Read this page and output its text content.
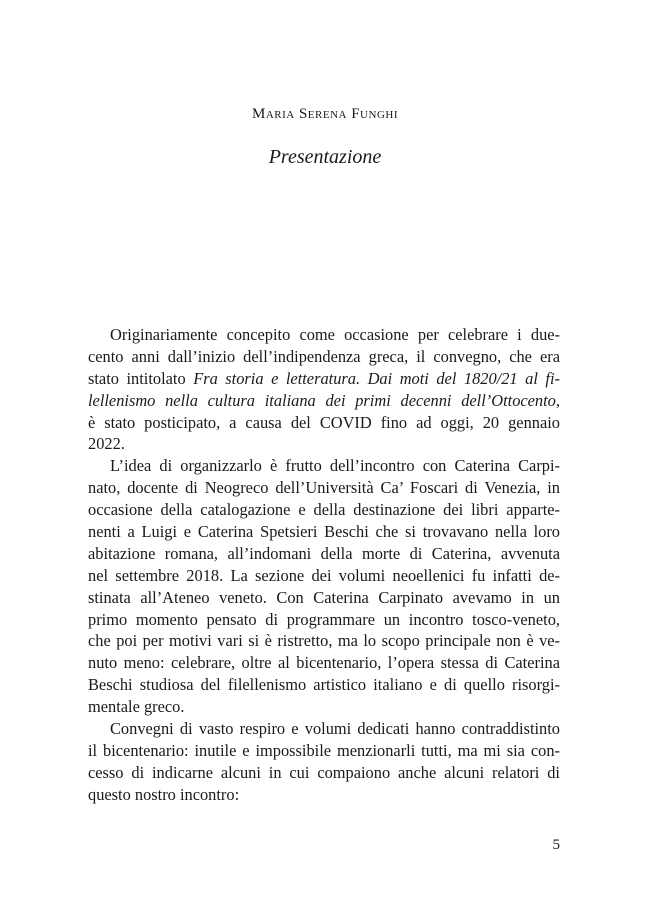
Maria Serena Funghi
Presentazione
Originariamente concepito come occasione per celebrare i due-
cento anni dall’inizio dell’indipendenza greca, il convegno, che era
stato intitolato Fra storia e letteratura. Dai moti del 1820/21 al fi-
lellenismo nella cultura italiana dei primi decenni dell’Ottocento,
è stato posticipato, a causa del COVID fino ad oggi, 20 gennaio
2022.
L’idea di organizzarlo è frutto dell’incontro con Caterina Carpi-
nato, docente di Neogreco dell’Università Ca’ Foscari di Venezia, in
occasione della catalogazione e della destinazione dei libri apparte-
nenti a Luigi e Caterina Spetsieri Beschi che si trovavano nella loro
abitazione romana, all’indomani della morte di Caterina, avvenuta
nel settembre 2018. La sezione dei volumi neoellenici fu infatti de-
stinata all’Ateneo veneto. Con Caterina Carpinato avevamo in un
primo momento pensato di programmare un incontro tosco-veneto,
che poi per motivi vari si è ristretto, ma lo scopo principale non è ve-
nuto meno: celebrare, oltre al bicentenario, l’opera stessa di Caterina
Beschi studiosa del filellenismo artistico italiano e di quello risorgi-
mentale greco.
Convegni di vasto respiro e volumi dedicati hanno contraddistinto
il bicentenario: inutile e impossibile menzionarli tutti, ma mi sia con-
cesso di indicarne alcuni in cui compaiono anche alcuni relatori di
questo nostro incontro:
5
